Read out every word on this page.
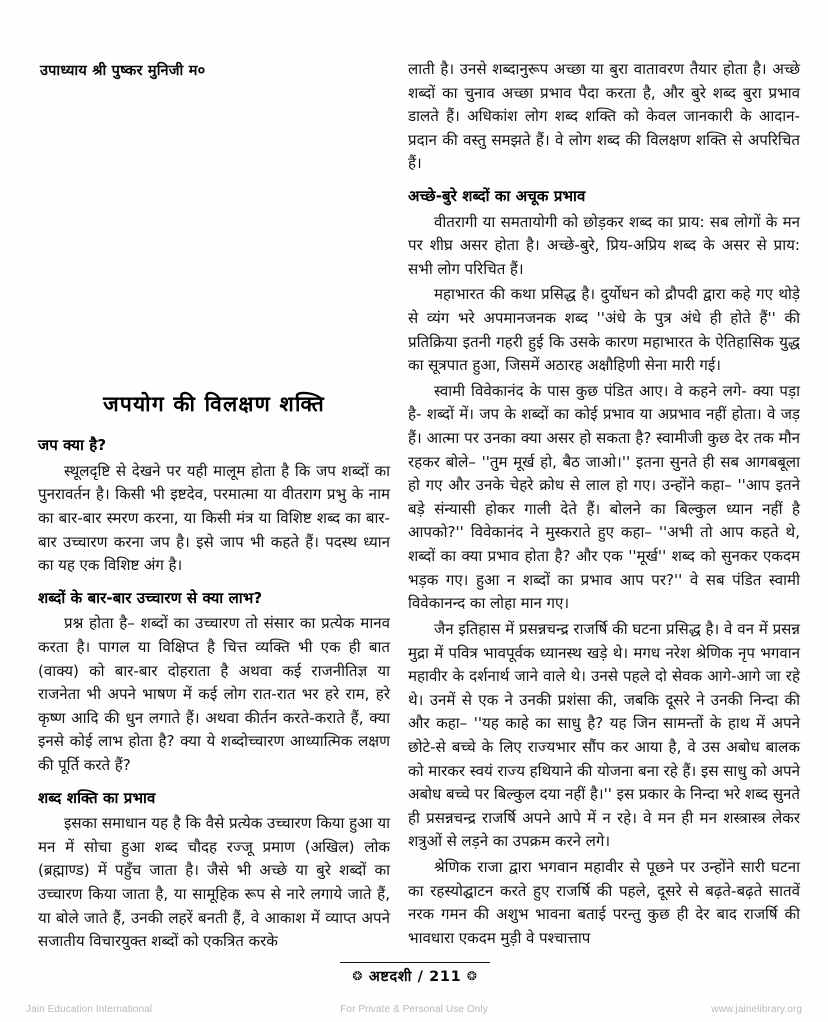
उपाध्याय श्री पुष्कर मुनिजी म०
जपयोग की विलक्षण शक्ति
जप क्या है?

स्थूलदृष्टि से देखने पर यही मालूम होता है कि जप शब्दों का पुनरावर्तन है। किसी भी इष्टदेव, परमात्मा या वीतराग प्रभु के नाम का बार-बार स्मरण करना, या किसी मंत्र या विशिष्ट शब्द का बार-बार उच्चारण करना जप है। इसे जाप भी कहते हैं। पदस्थ ध्यान का यह एक विशिष्ट अंग है।

शब्दों के बार-बार उच्चारण से क्या लाभ?

प्रश्न होता है– शब्दों का उच्चारण तो संसार का प्रत्येक मानव करता है। पागल या विक्षिप्त है चित्त व्यक्ति भी एक ही बात (वाक्य) को बार-बार दोहराता है अथवा कई राजनीतिज्ञ या राजनेता भी अपने भाषण में कई लोग रात-रात भर हरे राम, हरे कृष्ण आदि की धुन लगाते हैं। अथवा कीर्तन करते-कराते हैं, क्या इनसे कोई लाभ होता है? क्या ये शब्दोच्चारण आध्यात्मिक लक्षण की पूर्ति करते हैं?

शब्द शक्ति का प्रभाव

इसका समाधान यह है कि वैसे प्रत्येक उच्चारण किया हुआ या मन में सोचा हुआ शब्द चौदह रज्जू प्रमाण (अखिल) लोक (ब्रह्माण्ड) में पहुँच जाता है। जैसे भी अच्छे या बुरे शब्दों का उच्चारण किया जाता है, या सामूहिक रूप से नारे लगाये जाते हैं, या बोले जाते हैं, उनकी लहरें बनती हैं, वे आकाश में व्याप्त अपने सजातीय विचारयुक्त शब्दों को एकत्रित करके

लाती है। उनसे शब्दानुरूप अच्छा या बुरा वातावरण तैयार होता है। अच्छे शब्दों का चुनाव अच्छा प्रभाव पैदा करता है, और बुरे शब्द बुरा प्रभाव डालते हैं। अधिकांश लोग शब्द शक्ति को केवल जानकारी के आदान-प्रदान की वस्तु समझते हैं। वे लोग शब्द की विलक्षण शक्ति से अपरिचित हैं।

अच्छे-बुरे शब्दों का अचूक प्रभाव

वीतरागी या समतायोगी को छोड़कर शब्द का प्राय: सब लोगों के मन पर शीघ्र असर होता है। अच्छे-बुरे, प्रिय-अप्रिय शब्द के असर से प्राय: सभी लोग परिचित हैं।

महाभारत की कथा प्रसिद्ध है। दुर्योधन को द्रौपदी द्वारा कहे गए थोड़े से व्यंग भरे अपमानजनक शब्द ''अंधे के पुत्र अंधे ही होते हैं'' की प्रतिक्रिया इतनी गहरी हुई कि उसके कारण महाभारत के ऐतिहासिक युद्ध का सूत्रपात हुआ, जिसमें अठारह अक्षौहिणी सेना मारी गई।

स्वामी विवेकानंद के पास कुछ पंडित आए। वे कहने लगे- क्या पड़ा है- शब्दों में। जप के शब्दों का कोई प्रभाव या अप्रभाव नहीं होता। वे जड़ हैं। आत्मा पर उनका क्या असर हो सकता है? स्वामीजी कुछ देर तक मौन रहकर बोले– ''तुम मूर्ख हो, बैठ जाओ।'' इतना सुनते ही सब आगबबूला हो गए और उनके चेहरे क्रोध से लाल हो गए। उन्होंने कहा– ''आप इतने बड़े संन्यासी होकर गाली देते हैं। बोलने का बिल्कुल ध्यान नहीं है आपको?'' विवेकानंद ने मुस्कराते हुए कहा– ''अभी तो आप कहते थे, शब्दों का क्या प्रभाव होता है? और एक ''मूर्ख'' शब्द को सुनकर एकदम भड़क गए। हुआ न शब्दों का प्रभाव आप पर?'' वे सब पंडित स्वामी विवेकानन्द का लोहा मान गए।

जैन इतिहास में प्रसन्नचन्द्र राजर्षि की घटना प्रसिद्ध है। वे वन में प्रसन्न मुद्रा में पवित्र भावपूर्वक ध्यानस्थ खड़े थे। मगध नरेश श्रेणिक नृप भगवान महावीर के दर्शनार्थ जाने वाले थे। उनसे पहले दो सेवक आगे-आगे जा रहे थे। उनमें से एक ने उनकी प्रशंसा की, जबकि दूसरे ने उनकी निन्दा की और कहा– ''यह काहे का साधु है? यह जिन सामन्तों के हाथ में अपने छोटे-से बच्चे के लिए राज्यभार सौंप कर आया है, वे उस अबोध बालक को मारकर स्वयं राज्य हथियाने की योजना बना रहे हैं। इस साधु को अपने अबोध बच्चे पर बिल्कुल दया नहीं है।'' इस प्रकार के निन्दा भरे शब्द सुनते ही प्रसन्नचन्द्र राजर्षि अपने आपे में न रहे। वे मन ही मन शस्त्रास्त्र लेकर शत्रुओं से लड़ने का उपक्रम करने लगे।

श्रेणिक राजा द्वारा भगवान महावीर से पूछने पर उन्होंने सारी घटना का रहस्योद्घाटन करते हुए राजर्षि की पहले, दूसरे से बढ़ते-बढ़ते सातवें नरक गमन की अशुभ भावना बताई परन्तु कुछ ही देर बाद राजर्षि की भावधारा एकदम मुड़ी वे पश्चात्ताप

❂ अष्टदशी / 211 ❂
Jain Education International	For Private & Personal Use Only	www.jainelibrary.org
